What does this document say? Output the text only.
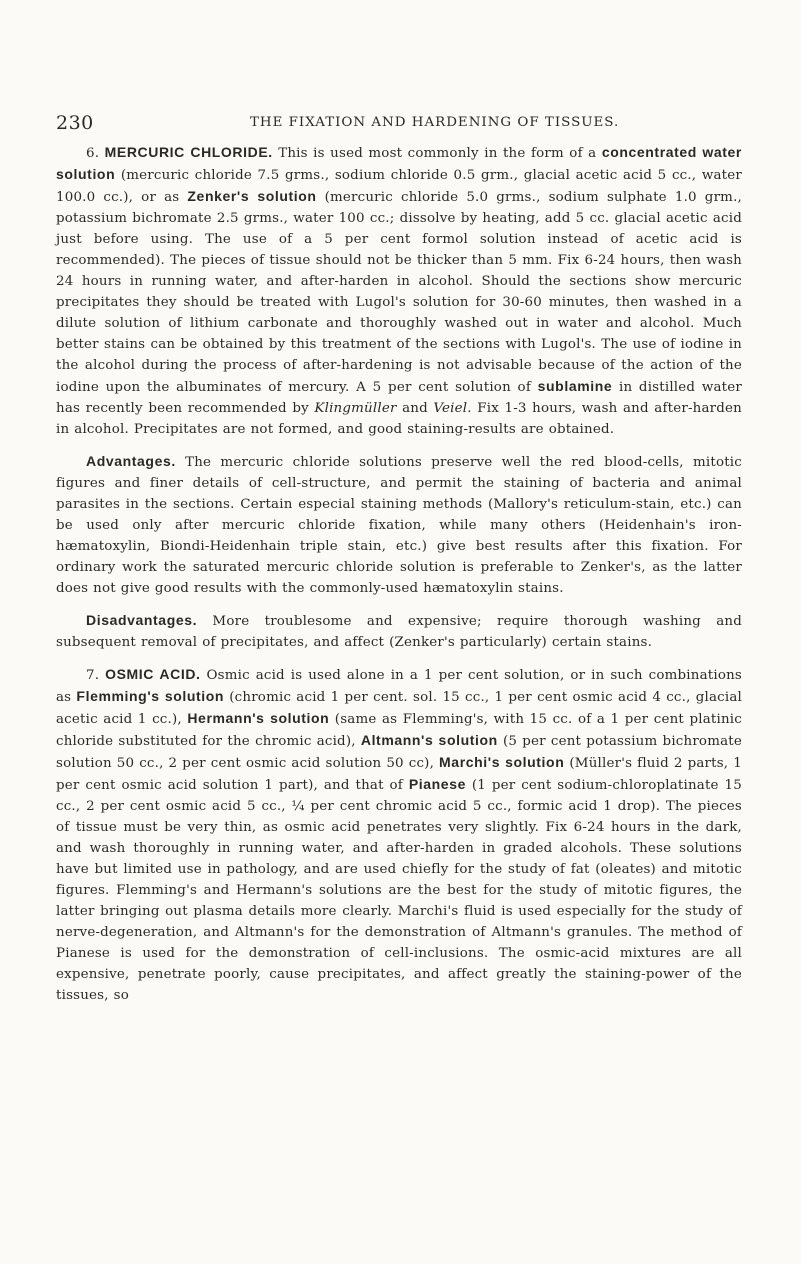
230	THE FIXATION AND HARDENING OF TISSUES.

6. MERCURIC CHLORIDE. This is used most commonly in the form of a concentrated water solution (mercuric chloride 7.5 grms., sodium chloride 0.5 grm., glacial acetic acid 5 cc., water 100.0 cc.), or as Zenker's solution (mercuric chloride 5.0 grms., sodium sulphate 1.0 grm., potassium bichromate 2.5 grms., water 100 cc.; dissolve by heating, add 5 cc. glacial acetic acid just before using. The use of a 5 per cent formol solution instead of acetic acid is recommended). The pieces of tissue should not be thicker than 5 mm. Fix 6-24 hours, then wash 24 hours in running water, and after-harden in alcohol. Should the sections show mercuric precipitates they should be treated with Lugol's solution for 30-60 minutes, then washed in a dilute solution of lithium carbonate and thoroughly washed out in water and alcohol. Much better stains can be obtained by this treatment of the sections with Lugol's. The use of iodine in the alcohol during the process of after-hardening is not advisable because of the action of the iodine upon the albuminates of mercury. A 5 per cent solution of sublamine in distilled water has recently been recommended by Klingmüller and Veiel. Fix 1-3 hours, wash and after-harden in alcohol. Precipitates are not formed, and good staining-results are obtained.

Advantages. The mercuric chloride solutions preserve well the red blood-cells, mitotic figures and finer details of cell-structure, and permit the staining of bacteria and animal parasites in the sections. Certain especial staining methods (Mallory's reticulum-stain, etc.) can be used only after mercuric chloride fixation, while many others (Heidenhain's iron-hæmatoxylin, Biondi-Heidenhain triple stain, etc.) give best results after this fixation. For ordinary work the saturated mercuric chloride solution is preferable to Zenker's, as the latter does not give good results with the commonly-used hæmatoxylin stains.

Disadvantages. More troublesome and expensive; require thorough washing and subsequent removal of precipitates, and affect (Zenker's particularly) certain stains.

7. OSMIC ACID. Osmic acid is used alone in a 1 per cent solution, or in such combinations as Flemming's solution (chromic acid 1 per cent. sol. 15 cc., 1 per cent osmic acid 4 cc., glacial acetic acid 1 cc.), Hermann's solution (same as Flemming's, with 15 cc. of a 1 per cent platinic chloride substituted for the chromic acid), Altmann's solution (5 per cent potassium bichromate solution 50 cc., 2 per cent osmic acid solution 50 cc), Marchi's solution (Müller's fluid 2 parts, 1 per cent osmic acid solution 1 part), and that of Pianese (1 per cent sodium-chloroplatinate 15 cc., 2 per cent osmic acid 5 cc., ¼ per cent chromic acid 5 cc., formic acid 1 drop). The pieces of tissue must be very thin, as osmic acid penetrates very slightly. Fix 6-24 hours in the dark, and wash thoroughly in running water, and after-harden in graded alcohols. These solutions have but limited use in pathology, and are used chiefly for the study of fat (oleates) and mitotic figures. Flemming's and Hermann's solutions are the best for the study of mitotic figures, the latter bringing out plasma details more clearly. Marchi's fluid is used especially for the study of nerve-degeneration, and Altmann's for the demonstration of Altmann's granules. The method of Pianese is used for the demonstration of cell-inclusions. The osmic-acid mixtures are all expensive, penetrate poorly, cause precipitates, and affect greatly the staining-power of the tissues, so
